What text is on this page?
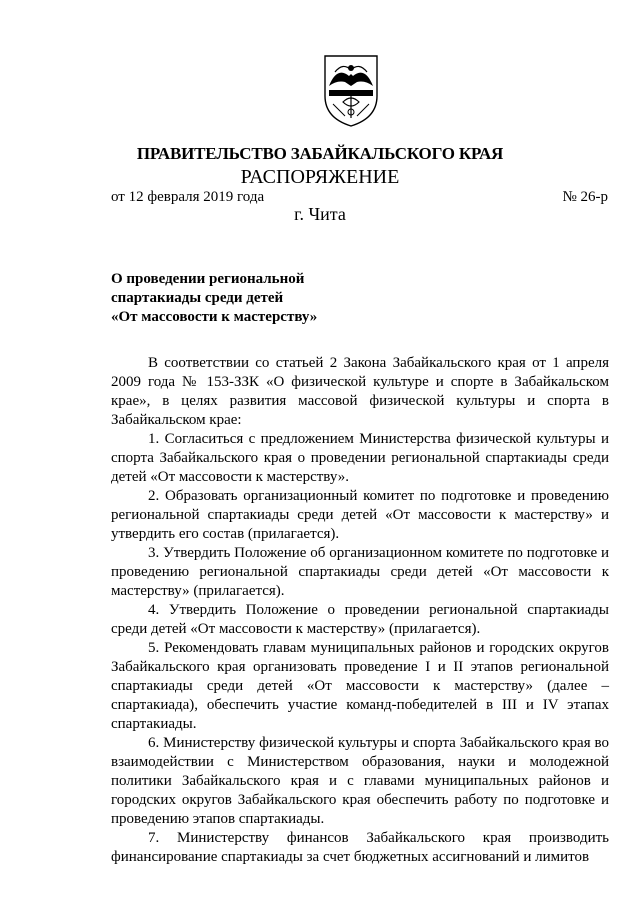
ПРАВИТЕЛЬСТВО ЗАБАЙКАЛЬСКОГО КРАЯ
РАСПОРЯЖЕНИЕ
от 12 февраля 2019 года	№ 26-р
г. Чита
О проведении региональной
спартакиады среди детей
«От массовости к мастерству»

В соответствии со статьей 2 Закона Забайкальского края от 1 апреля 2009 года № 153-ЗЗК «О физической культуре и спорте в Забайкальском крае», в целях развития массовой физической культуры и спорта в Забайкальском крае:

1. Согласиться с предложением Министерства физической культуры и спорта Забайкальского края о проведении региональной спартакиады среди детей «От массовости к мастерству».

2. Образовать организационный комитет по подготовке и проведению региональной спартакиады среди детей «От массовости к мастерству» и утвердить его состав (прилагается).

3. Утвердить Положение об организационном комитете по подготовке и проведению региональной спартакиады среди детей «От массовости к мастерству» (прилагается).

4. Утвердить Положение о проведении региональной спартакиады среди детей «От массовости к мастерству» (прилагается).

5. Рекомендовать главам муниципальных районов и городских округов Забайкальского края организовать проведение I и II этапов региональной спартакиады среди детей «От массовости к мастерству» (далее – спартакиада), обеспечить участие команд-победителей в III и IV этапах спартакиады.

6. Министерству физической культуры и спорта Забайкальского края во взаимодействии с Министерством образования, науки и молодежной политики Забайкальского края и с главами муниципальных районов и городских округов Забайкальского края обеспечить работу по подготовке и проведению этапов спартакиады.

7. Министерству финансов Забайкальского края производить финансирование спартакиады за счет бюджетных ассигнований и лимитов
